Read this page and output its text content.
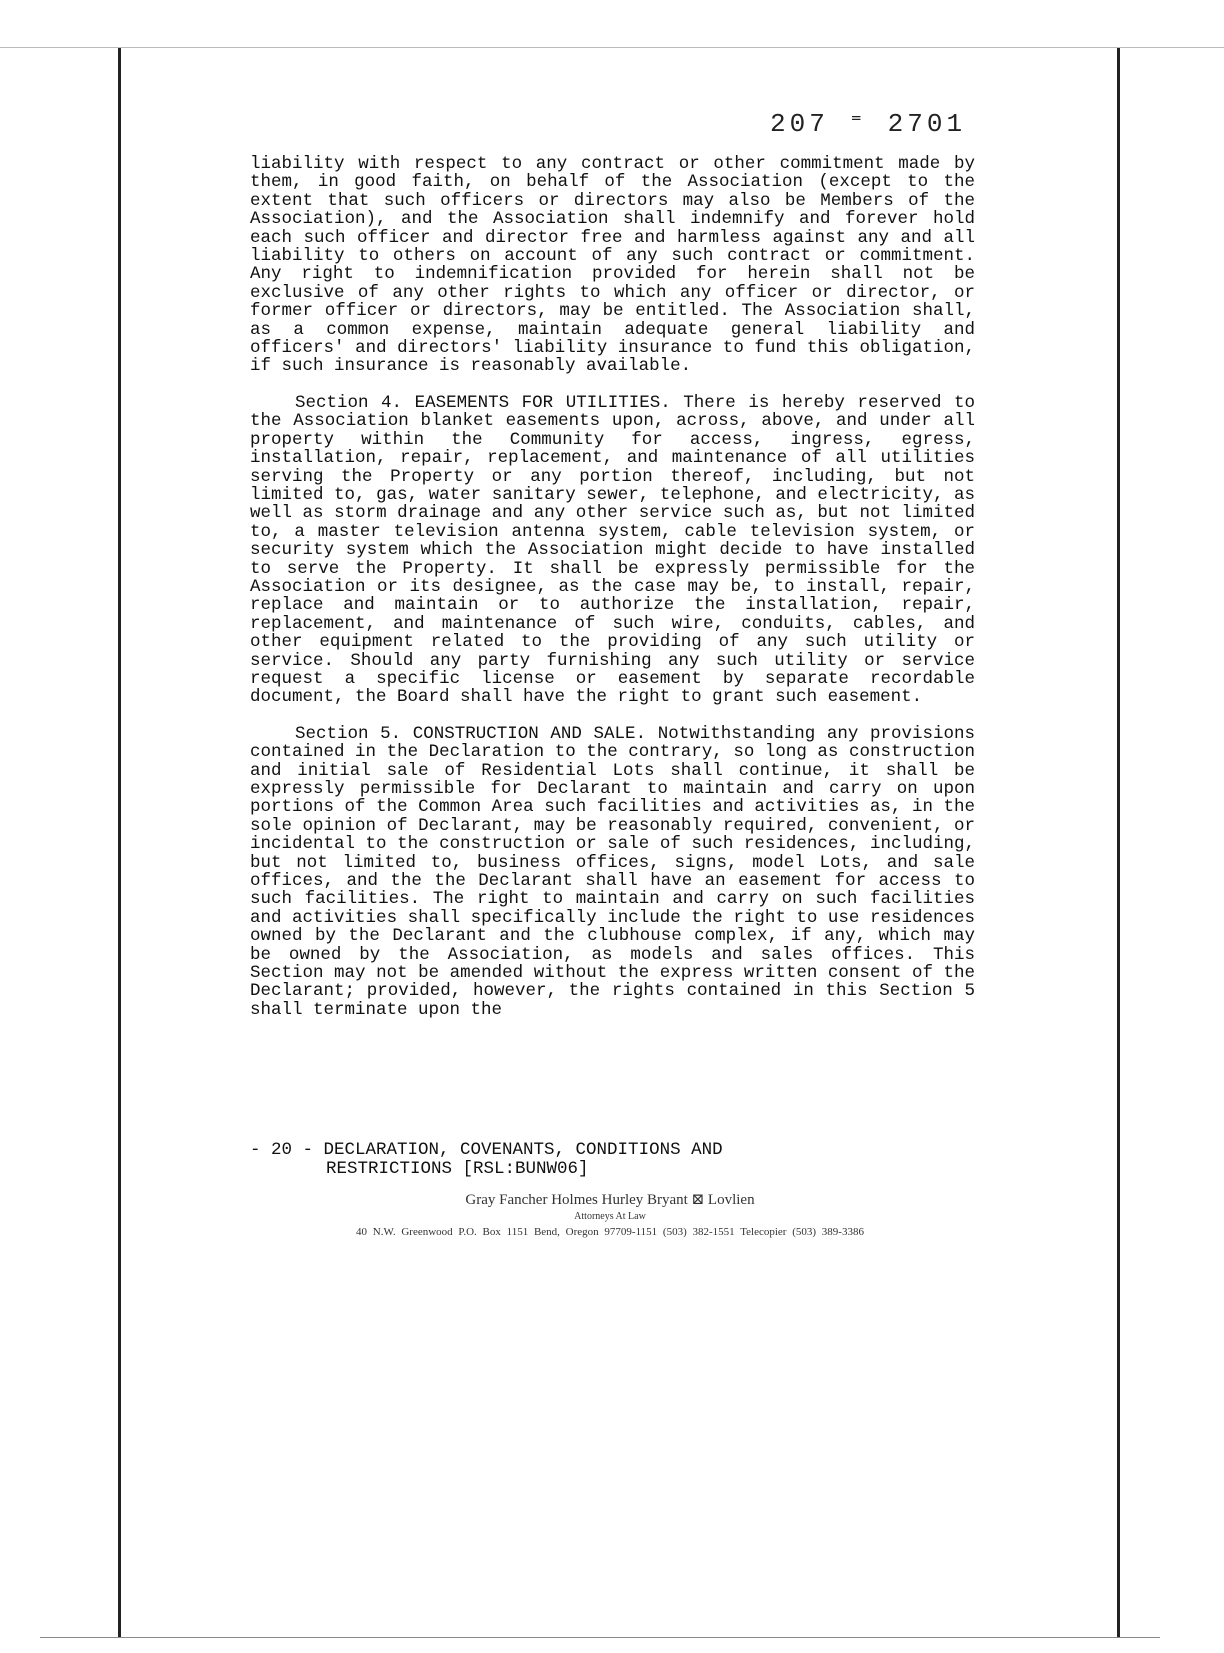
207 ⁼ 2701

liability with respect to any contract or other commitment made by them, in good faith, on behalf of the Association (except to the extent that such officers or directors may also be Members of the Association), and the Association shall indemnify and forever hold each such officer and director free and harmless against any and all liability to others on account of any such contract or commitment. Any right to indemnification provided for herein shall not be exclusive of any other rights to which any officer or director, or former officer or directors, may be entitled. The Association shall, as a common expense, maintain adequate general liability and officers' and directors' liability insurance to fund this obligation, if such insurance is reasonably available.

Section 4. EASEMENTS FOR UTILITIES. There is hereby reserved to the Association blanket easements upon, across, above, and under all property within the Community for access, ingress, egress, installation, repair, replacement, and maintenance of all utilities serving the Property or any portion thereof, including, but not limited to, gas, water sanitary sewer, telephone, and electricity, as well as storm drainage and any other service such as, but not limited to, a master television antenna system, cable television system, or security system which the Association might decide to have installed to serve the Property. It shall be expressly permissible for the Association or its designee, as the case may be, to install, repair, replace and maintain or to authorize the installation, repair, replacement, and maintenance of such wire, conduits, cables, and other equipment related to the providing of any such utility or service. Should any party furnishing any such utility or service request a specific license or easement by separate recordable document, the Board shall have the right to grant such easement.

Section 5. CONSTRUCTION AND SALE. Notwithstanding any provisions contained in the Declaration to the contrary, so long as construction and initial sale of Residential Lots shall continue, it shall be expressly permissible for Declarant to maintain and carry on upon portions of the Common Area such facilities and activities as, in the sole opinion of Declarant, may be reasonably required, convenient, or incidental to the construction or sale of such residences, including, but not limited to, business offices, signs, model Lots, and sale offices, and the the Declarant shall have an easement for access to such facilities. The right to maintain and carry on such facilities and activities shall specifically include the right to use residences owned by the Declarant and the clubhouse complex, if any, which may be owned by the Association, as models and sales offices. This Section may not be amended without the express written consent of the Declarant; provided, however, the rights contained in this Section 5 shall terminate upon the

- 20 - DECLARATION, COVENANTS, CONDITIONS AND
RESTRICTIONS [RSL:BUNW06]
Gray Fancher Holmes Hurley Bryant ⊠ Lovlien
Attorneys At Law
40 N.W. Greenwood P.O. Box 1151 Bend, Oregon 97709-1151 (503) 382-1551 Telecopier (503) 389-3386
